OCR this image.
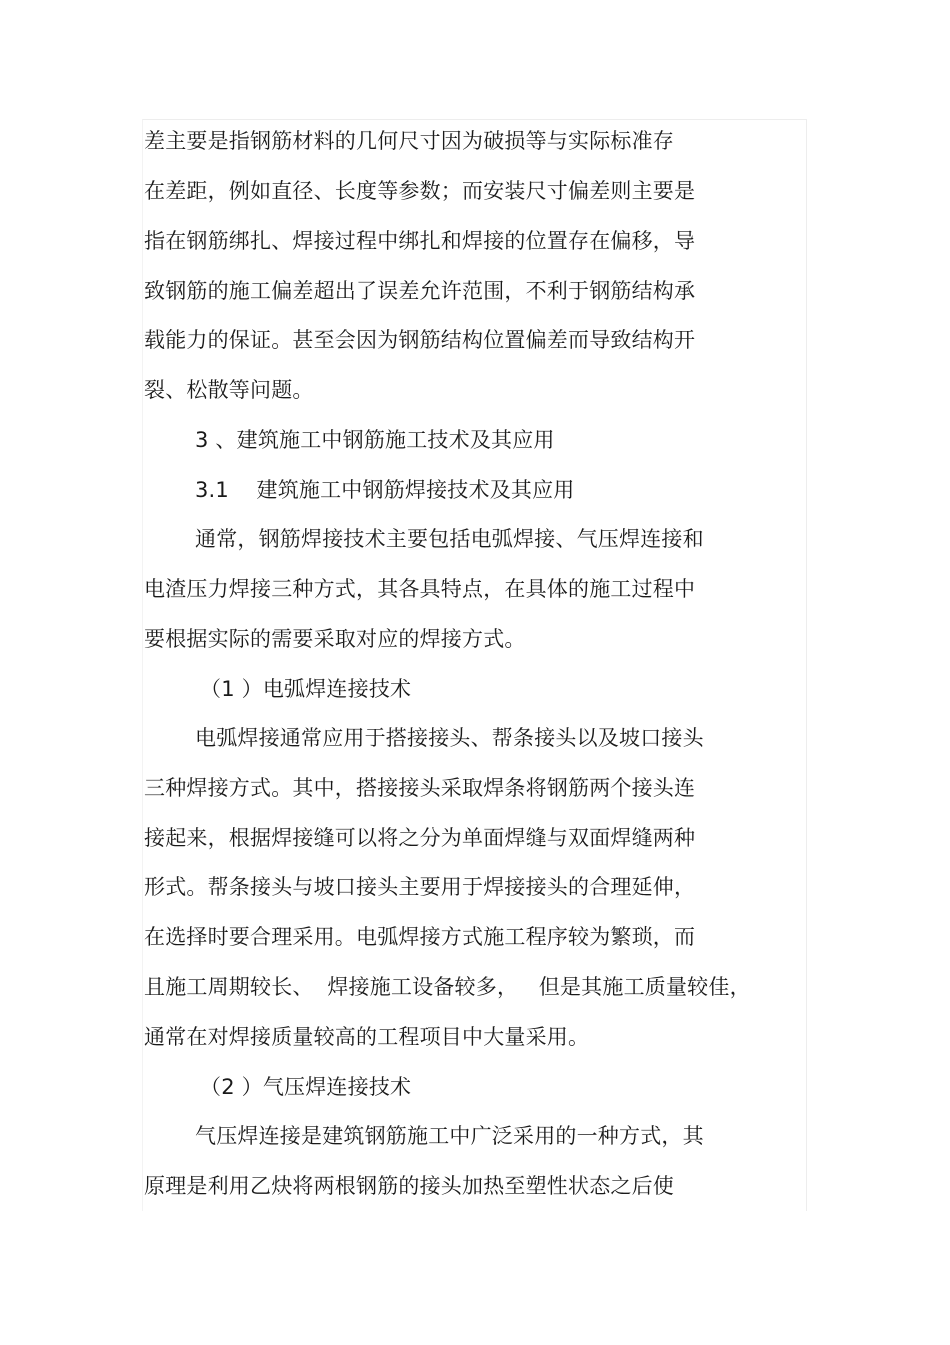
差主要是指钢筋材料的几何尺寸因为破损等与实际标准存
在差距，例如直径、长度等参数；而安装尺寸偏差则主要是
指在钢筋绑扎、焊接过程中绑扎和焊接的位置存在偏移，导
致钢筋的施工偏差超出了误差允许范围，不利于钢筋结构承
载能力的保证。甚至会因为钢筋结构位置偏差而导致结构开
裂、松散等问题。
3 、建筑施工中钢筋施工技术及其应用
3.1    建筑施工中钢筋焊接技术及其应用
通常，钢筋焊接技术主要包括电弧焊接、气压焊连接和
电渣压力焊接三种方式，其各具特点，在具体的施工过程中
要根据实际的需要采取对应的焊接方式。
（1 ）电弧焊连接技术
电弧焊接通常应用于搭接接头、帮条接头以及坡口接头
三种焊接方式。其中，搭接接头采取焊条将钢筋两个接头连
接起来，根据焊接缝可以将之分为单面焊缝与双面焊缝两种
形式。帮条接头与坡口接头主要用于焊接接头的合理延伸，
在选择时要合理采用。电弧焊接方式施工程序较为繁琐，而
且施工周期较长、  焊接施工设备较多，   但是其施工质量较佳，
通常在对焊接质量较高的工程项目中大量采用。
（2 ）气压焊连接技术
气压焊连接是建筑钢筋施工中广泛采用的一种方式，其
原理是利用乙炔将两根钢筋的接头加热至塑性状态之后使
